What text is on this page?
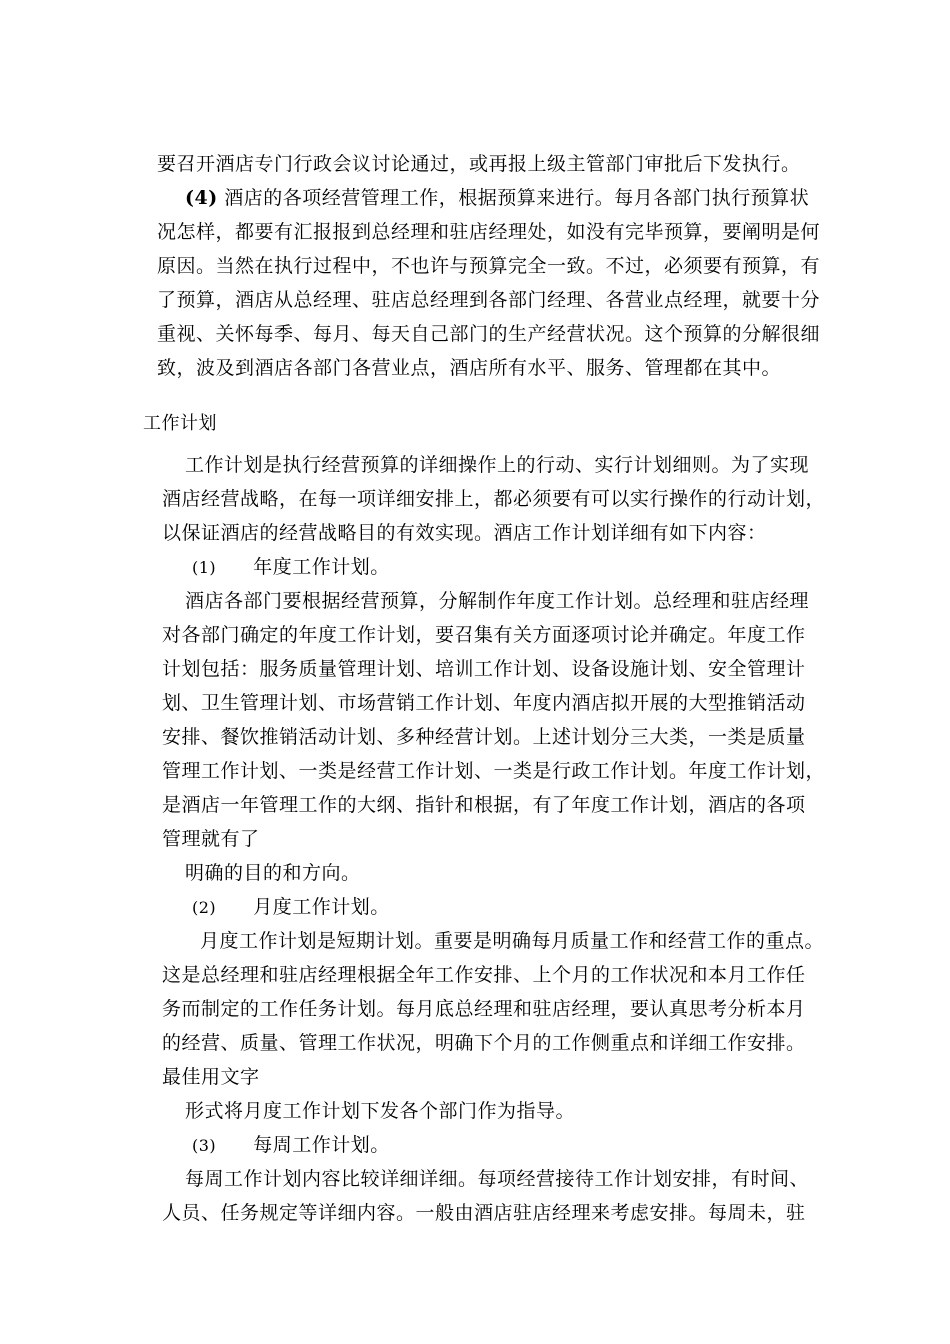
要召开酒店专门行政会议讨论通过，或再报上级主管部门审批后下发执行。
(4) 酒店的各项经营管理工作，根据预算来进行。每月各部门执行预算状
况怎样，都要有汇报报到总经理和驻店经理处，如没有完毕预算，要阐明是何
原因。当然在执行过程中，不也许与预算完全一致。不过，必须要有预算，有
了预算，酒店从总经理、驻店总经理到各部门经理、各营业点经理，就要十分
重视、关怀每季、每月、每天自己部门的生产经营状况。这个预算的分解很细
致，波及到酒店各部门各营业点，酒店所有水平、服务、管理都在其中。
工作计划
工作计划是执行经营预算的详细操作上的行动、实行计划细则。为了实现
酒店经营战略，在每一项详细安排上，都必须要有可以实行操作的行动计划，
以保证酒店的经营战略目的有效实现。酒店工作计划详细有如下内容：
(1) 年度工作计划。
酒店各部门要根据经营预算，分解制作年度工作计划。总经理和驻店经理
对各部门确定的年度工作计划，要召集有关方面逐项讨论并确定。年度工作
计划包括：服务质量管理计划、培训工作计划、设备设施计划、安全管理计
划、卫生管理计划、市场营销工作计划、年度内酒店拟开展的大型推销活动
安排、餐饮推销活动计划、多种经营计划。上述计划分三大类，一类是质量
管理工作计划、一类是经营工作计划、一类是行政工作计划。年度工作计划，
是酒店一年管理工作的大纲、指针和根据，有了年度工作计划，酒店的各项
管理就有了
明确的目的和方向。
(2) 月度工作计划。
月度工作计划是短期计划。重要是明确每月质量工作和经营工作的重点。
这是总经理和驻店经理根据全年工作安排、上个月的工作状况和本月工作任
务而制定的工作任务计划。每月底总经理和驻店经理，要认真思考分析本月
的经营、质量、管理工作状况，明确下个月的工作侧重点和详细工作安排。
最佳用文字
形式将月度工作计划下发各个部门作为指导。
(3) 每周工作计划。
每周工作计划内容比较详细详细。每项经营接待工作计划安排，有时间、
人员、任务规定等详细内容。一般由酒店驻店经理来考虑安排。每周未，驻
